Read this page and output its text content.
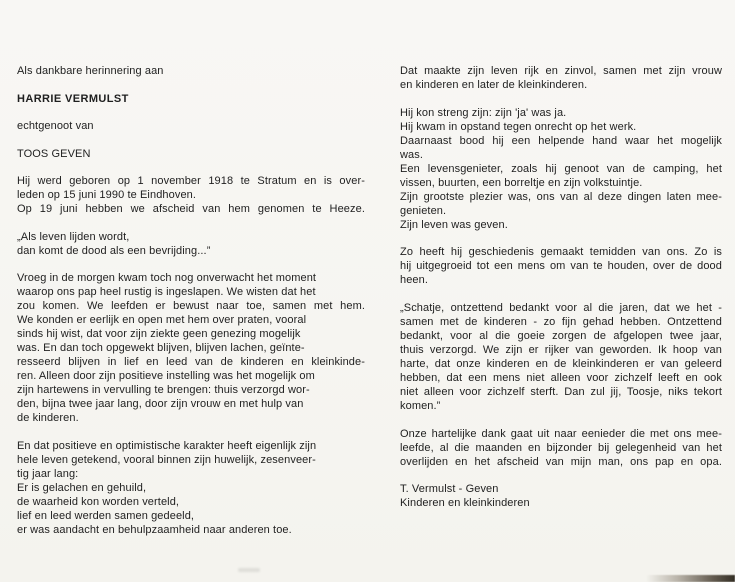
Als dankbare herinnering aan
HARRIE VERMULST
echtgenoot van
TOOS GEVEN
Hij werd geboren op 1 november 1918 te Stratum en is over-
leden op 15 juni 1990 te Eindhoven.
Op 19 juni hebben we afscheid van hem genomen te Heeze.
„Als leven lijden wordt,
dan komt de dood als een bevrijding...”
Vroeg in de morgen kwam toch nog onverwacht het moment
waarop ons pap heel rustig is ingeslapen. We wisten dat het
zou komen. We leefden er bewust naar toe, samen met hem.
We konden er eerlijk en open met hem over praten, vooral
sinds hij wist, dat voor zijn ziekte geen genezing mogelijk
was. En dan toch opgewekt blijven, blijven lachen, geïnte-
resseerd blijven in lief en leed van de kinderen en kleinkinde-
ren. Alleen door zijn positieve instelling was het mogelijk om
zijn hartewens in vervulling te brengen: thuis verzorgd wor-
den, bijna twee jaar lang, door zijn vrouw en met hulp van
de kinderen.
En dat positieve en optimistische karakter heeft eigenlijk zijn
hele leven getekend, vooral binnen zijn huwelijk, zesenveer-
tig jaar lang:
Er is gelachen en gehuild,
de waarheid kon worden verteld,
lief en leed werden samen gedeeld,
er was aandacht en behulpzaamheid naar anderen toe.
Dat maakte zijn leven rijk en zinvol, samen met zijn vrouw
en kinderen en later de kleinkinderen.
Hij kon streng zijn: zijn 'ja' was ja.
Hij kwam in opstand tegen onrecht op het werk.
Daarnaast bood hij een helpende hand waar het mogelijk
was.
Een levensgenieter, zoals hij genoot van de camping, het
vissen, buurten, een borreltje en zijn volkstuintje.
Zijn grootste plezier was, ons van al deze dingen laten mee-
genieten.
Zijn leven was geven.
Zo heeft hij geschiedenis gemaakt temidden van ons. Zo is
hij uitgegroeid tot een mens om van te houden, over de dood
heen.
„Schatje, ontzettend bedankt voor al die jaren, dat we het -
samen met de kinderen - zo fijn gehad hebben. Ontzettend
bedankt, voor al die goeie zorgen de afgelopen twee jaar,
thuis verzorgd. We zijn er rijker van geworden. Ik hoop van
harte, dat onze kinderen en de kleinkinderen er van geleerd
hebben, dat een mens niet alleen voor zichzelf leeft en ook
niet alleen voor zichzelf sterft. Dan zul jij, Toosje, niks tekort
komen.”
Onze hartelijke dank gaat uit naar eenieder die met ons mee-
leefde, al die maanden en bijzonder bij gelegenheid van het
overlijden en het afscheid van mijn man, ons pap en opa.
T. Vermulst - Geven
Kinderen en kleinkinderen
